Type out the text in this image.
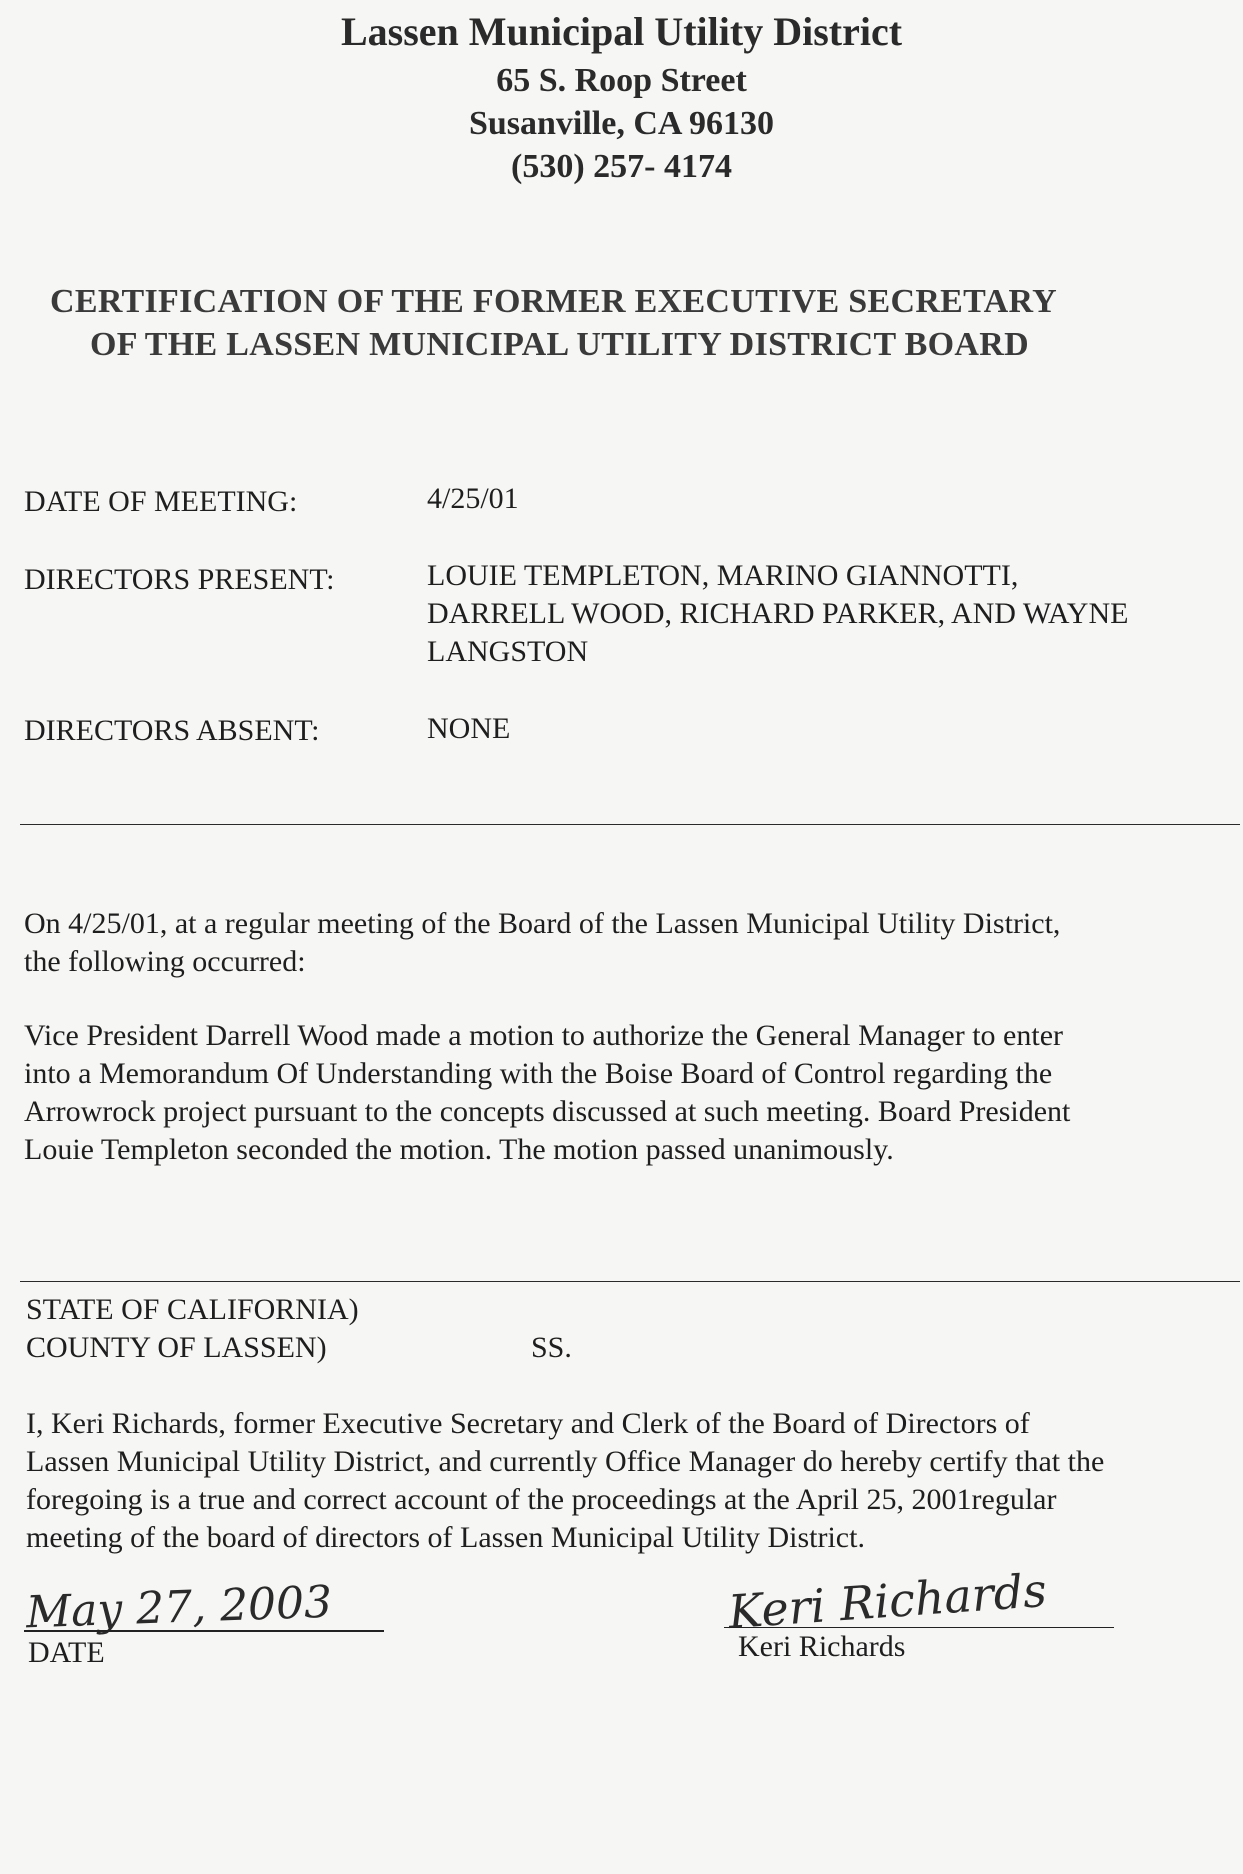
Lassen Municipal Utility District
65 S. Roop Street
Susanville, CA 96130
(530) 257- 4174
CERTIFICATION OF THE FORMER EXECUTIVE SECRETARY
OF THE LASSEN MUNICIPAL UTILITY DISTRICT BOARD
DATE OF MEETING:	4/25/01
DIRECTORS PRESENT:	LOUIE TEMPLETON, MARINO GIANNOTTI,
DARRELL WOOD, RICHARD PARKER, AND WAYNE
LANGSTON
DIRECTORS ABSENT:	NONE
On 4/25/01, at a regular meeting of the Board of the Lassen Municipal Utility District,
the following occurred:
Vice President Darrell Wood made a motion to authorize the General Manager to enter
into a Memorandum Of Understanding with the Boise Board of Control regarding the
Arrowrock project pursuant to the concepts discussed at such meeting. Board President
Louie Templeton seconded the motion. The motion passed unanimously.
STATE OF CALIFORNIA)
COUNTY OF LASSEN)	SS.
I, Keri Richards, former Executive Secretary and Clerk of the Board of Directors of
Lassen Municipal Utility District, and currently Office Manager do hereby certify that the
foregoing is a true and correct account of the proceedings at the April 25, 2001regular
meeting of the board of directors of Lassen Municipal Utility District.
May 27, 2003
DATE
Keri Richards
Keri Richards
